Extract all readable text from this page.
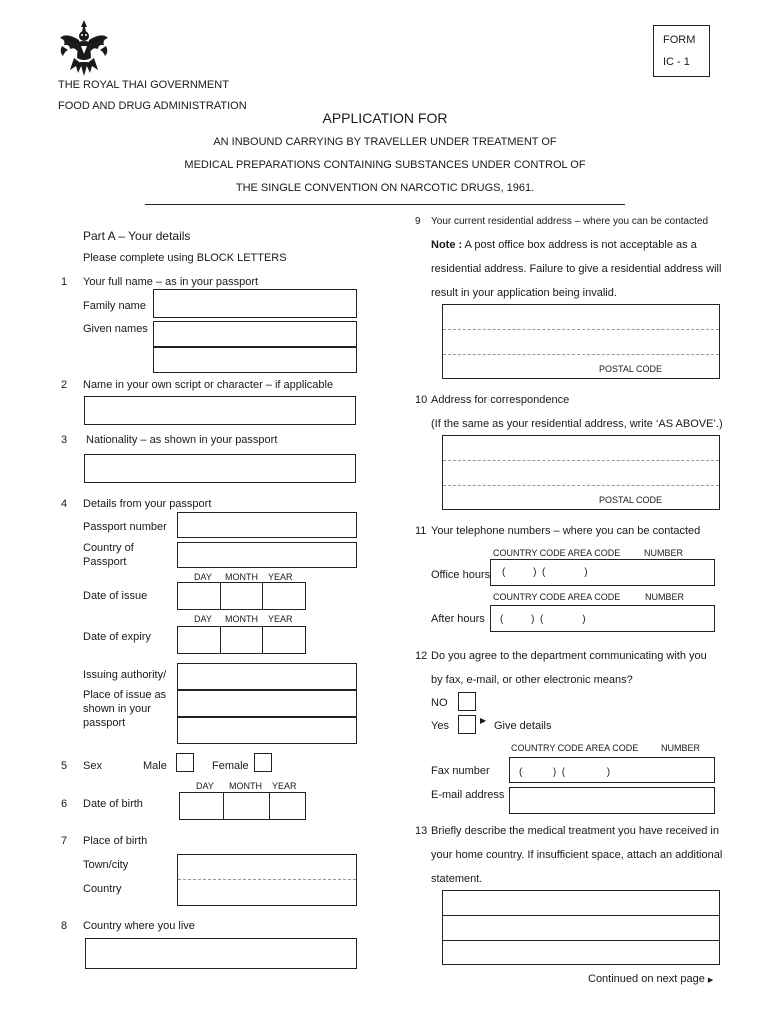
FORM
IC - 1
THE ROYAL THAI GOVERNMENT
FOOD AND DRUG ADMINISTRATION
APPLICATION FOR
AN INBOUND CARRYING BY TRAVELLER UNDER TREATMENT OF
MEDICAL PREPARATIONS CONTAINING SUBSTANCES UNDER CONTROL OF
THE SINGLE CONVENTION ON NARCOTIC DRUGS, 1961.
Part A – Your details
Please complete using BLOCK LETTERS
1 Your full name – as in your passport
Family name
Given names
2 Name in your own script or character – if applicable
3 Nationality – as shown in your passport
4 Details from your passport
Passport number
Country of
Passport
DAY MONTH YEAR
Date of issue
DAY MONTH YEAR
Date of expiry
Issuing authority/
Place of issue as
shown in your
passport
5 Sex	Male	Female
DAY MONTH YEAR
6 Date of birth
7 Place of birth
Town/city
Country
8 Country where you live
9 Your current residential address – where you can be contacted
Note : A post office box address is not acceptable as a
residential address. Failure to give a residential address will
result in your application being invalid.
POSTAL CODE
10 Address for correspondence
(If the same as your residential address, write ‘AS ABOVE’.)
POSTAL CODE
11 Your telephone numbers – where you can be contacted
COUNTRY CODE AREA CODE	NUMBER
Office hours (          )  (              )
COUNTRY CODE AREA CODE	NUMBER
After hours (          )  (              )
12 Do you agree to the department communicating with you
by fax, e-mail, or other electronic means?
NO
Yes	▶ Give details
COUNTRY CODE AREA CODE	NUMBER
Fax number	(           )  (               )
E-mail address
13 Briefly describe the medical treatment you have received in
your home country. If insufficient space, attach an additional
statement.
Continued on next page ▶
